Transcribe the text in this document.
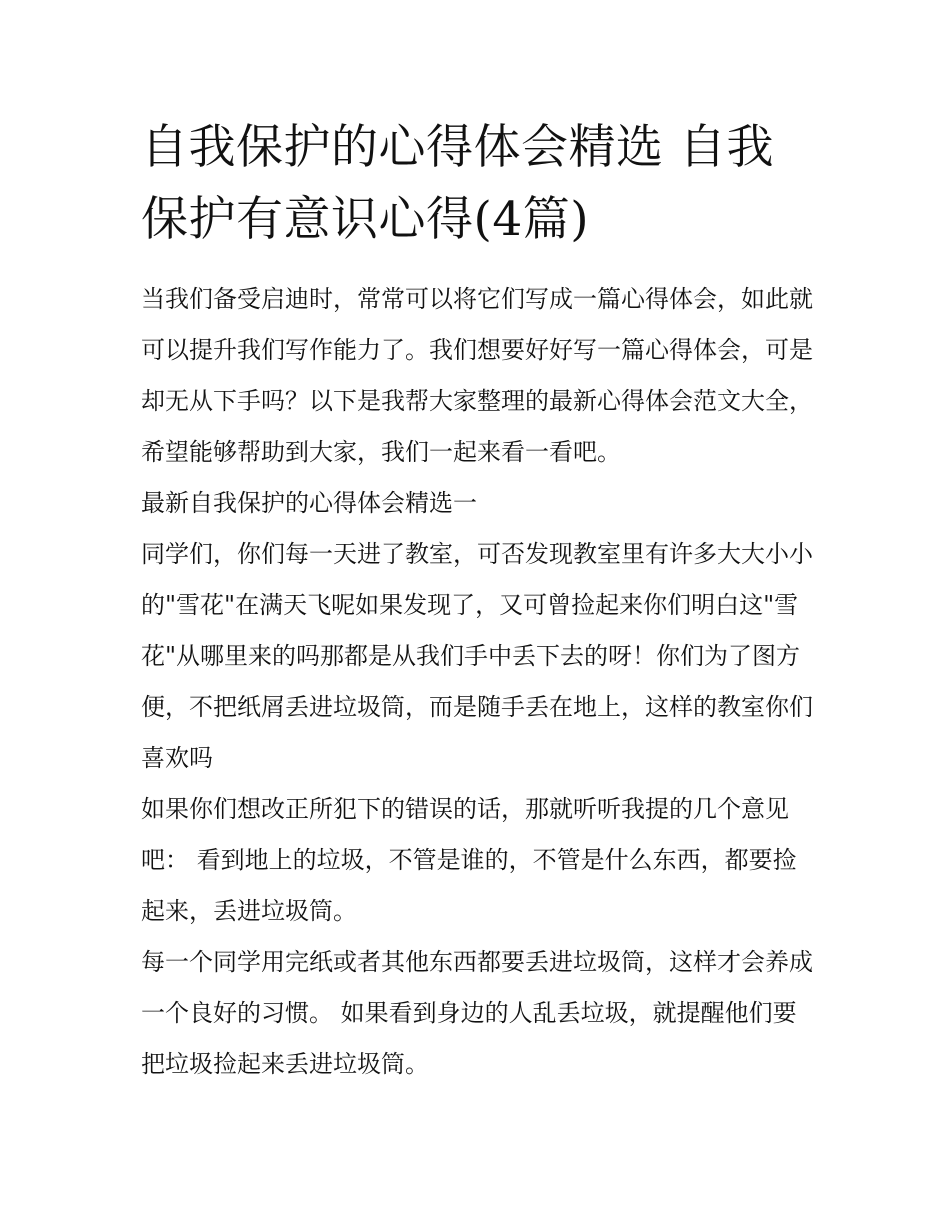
自我保护的心得体会精选 自我保护有意识心得(4篇)

当我们备受启迪时，常常可以将它们写成一篇心得体会，如此就可以提升我们写作能力了。我们想要好好写一篇心得体会，可是却无从下手吗？以下是我帮大家整理的最新心得体会范文大全，希望能够帮助到大家，我们一起来看一看吧。

最新自我保护的心得体会精选一

同学们，你们每一天进了教室，可否发现教室里有许多大大小小的"雪花"在满天飞呢如果发现了，又可曾捡起来你们明白这"雪花"从哪里来的吗那都是从我们手中丢下去的呀！你们为了图方便，不把纸屑丢进垃圾筒，而是随手丢在地上，这样的教室你们喜欢吗

如果你们想改正所犯下的错误的话，那就听听我提的几个意见吧： 看到地上的垃圾，不管是谁的，不管是什么东西，都要捡起来，丢进垃圾筒。

每一个同学用完纸或者其他东西都要丢进垃圾筒，这样才会养成一个良好的习惯。 如果看到身边的人乱丢垃圾，就提醒他们要把垃圾捡起来丢进垃圾筒。
